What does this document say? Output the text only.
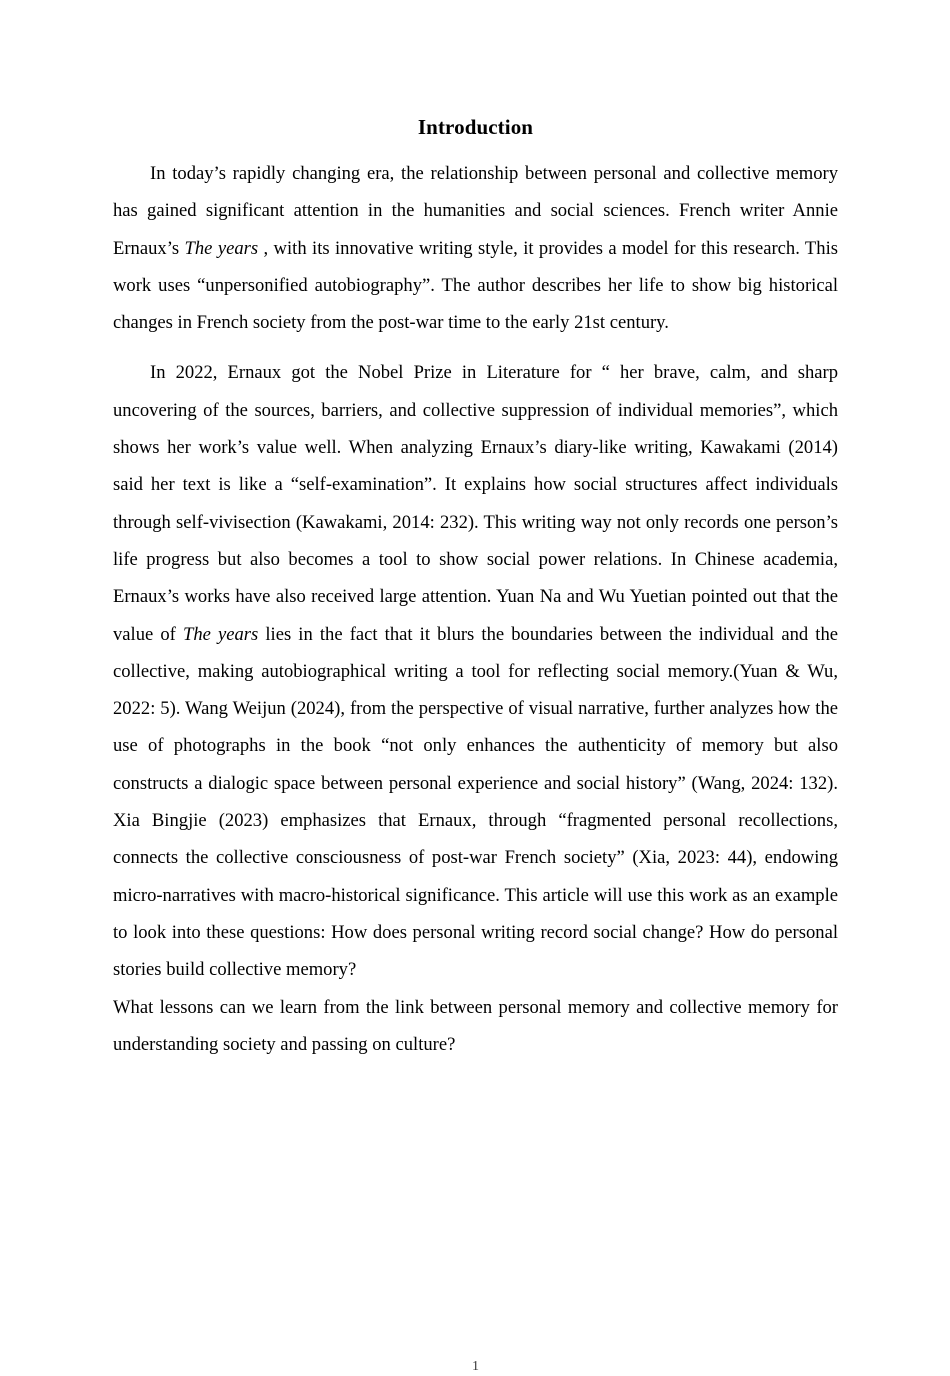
Introduction

In today’s rapidly changing era, the relationship between personal and collective memory has gained significant attention in the humanities and social sciences. French writer Annie Ernaux’s The years , with its innovative writing style, it provides a model for this research. This work uses “unpersonified autobiography”. The author describes her life to show big historical changes in French society from the post-war time to the early 21st century.

In 2022, Ernaux got the Nobel Prize in Literature for “ her brave, calm, and sharp uncovering of the sources, barriers, and collective suppression of individual memories”, which shows her work’s value well. When analyzing Ernaux’s diary-like writing, Kawakami (2014) said her text is like a “self-examination”. It explains how social structures affect individuals through self-vivisection (Kawakami, 2014: 232). This writing way not only records one person’s life progress but also becomes a tool to show social power relations. In Chinese academia, Ernaux’s works have also received large attention. Yuan Na and Wu Yuetian pointed out that the value of The years lies in the fact that it blurs the boundaries between the individual and the collective, making autobiographical writing a tool for reflecting social memory.(Yuan & Wu, 2022: 5). Wang Weijun (2024), from the perspective of visual narrative, further analyzes how the use of photographs in the book “not only enhances the authenticity of memory but also constructs a dialogic space between personal experience and social history” (Wang, 2024: 132). Xia Bingjie (2023) emphasizes that Ernaux, through “fragmented personal recollections, connects the collective consciousness of post-war French society” (Xia, 2023: 44), endowing micro-narratives with macro-historical significance. This article will use this work as an example to look into these questions: How does personal writing record social change? How do personal stories build collective memory?

What lessons can we learn from the link between personal memory and collective memory for understanding society and passing on culture?

1
